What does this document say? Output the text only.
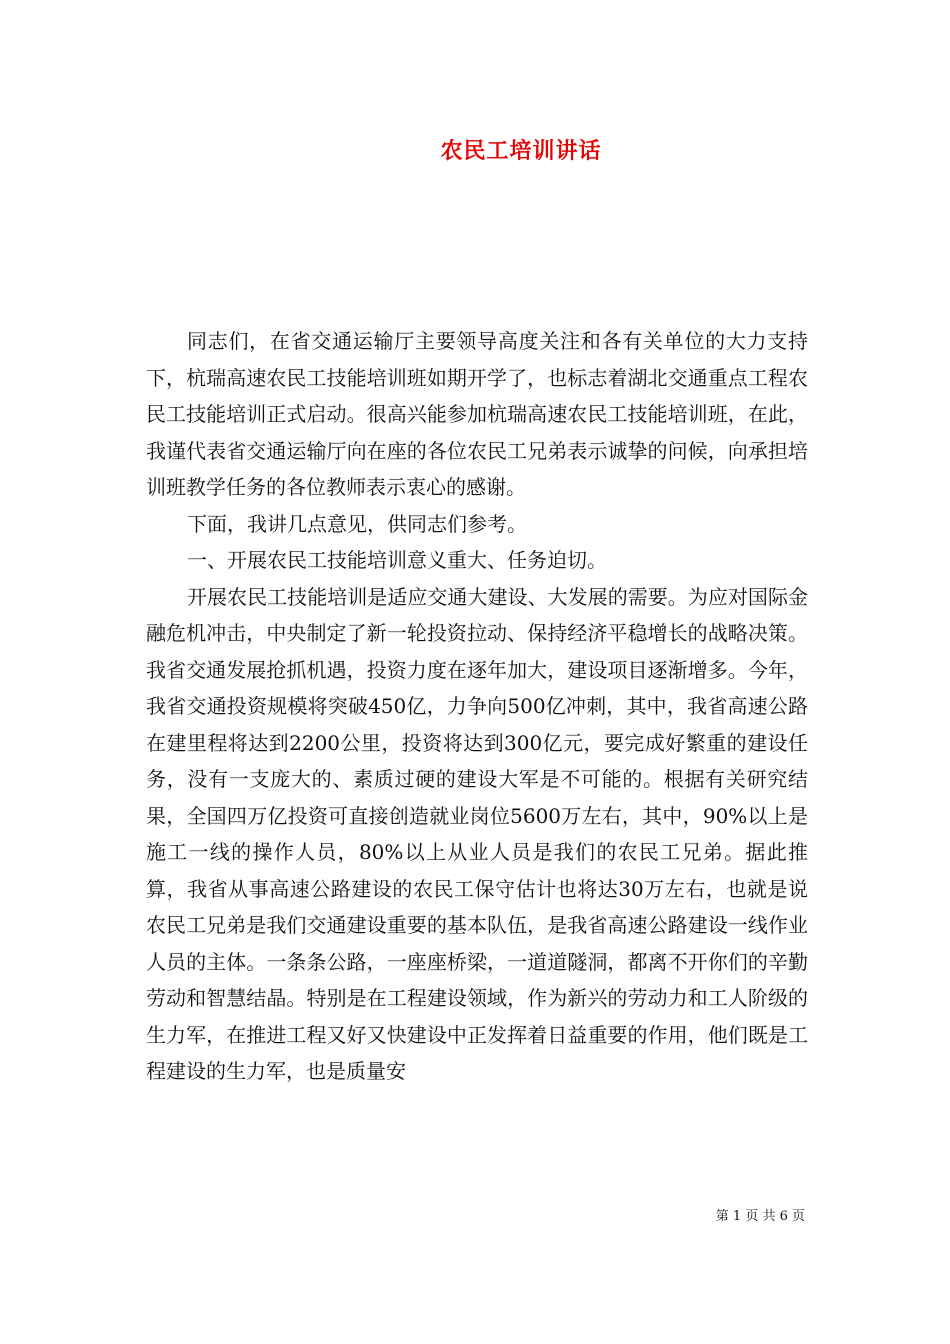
农民工培训讲话

同志们，在省交通运输厅主要领导高度关注和各有关单位的大力支持下，杭瑞高速农民工技能培训班如期开学了，也标志着湖北交通重点工程农民工技能培训正式启动。很高兴能参加杭瑞高速农民工技能培训班，在此，我谨代表省交通运输厅向在座的各位农民工兄弟表示诚挚的问候，向承担培训班教学任务的各位教师表示衷心的感谢。

下面，我讲几点意见，供同志们参考。

一、开展农民工技能培训意义重大、任务迫切。

开展农民工技能培训是适应交通大建设、大发展的需要。为应对国际金融危机冲击，中央制定了新一轮投资拉动、保持经济平稳增长的战略决策。我省交通发展抢抓机遇，投资力度在逐年加大，建设项目逐渐增多。今年，我省交通投资规模将突破450亿，力争向500亿冲刺，其中，我省高速公路在建里程将达到2200公里，投资将达到300亿元，要完成好繁重的建设任务，没有一支庞大的、素质过硬的建设大军是不可能的。根据有关研究结果，全国四万亿投资可直接创造就业岗位5600万左右，其中，90%以上是施工一线的操作人员，80%以上从业人员是我们的农民工兄弟。据此推算，我省从事高速公路建设的农民工保守估计也将达30万左右，也就是说农民工兄弟是我们交通建设重要的基本队伍，是我省高速公路建设一线作业人员的主体。一条条公路，一座座桥梁，一道道隧洞，都离不开你们的辛勤劳动和智慧结晶。特别是在工程建设领域，作为新兴的劳动力和工人阶级的生力军，在推进工程又好又快建设中正发挥着日益重要的作用，他们既是工程建设的生力军，也是质量安

第 1 页 共 6 页
